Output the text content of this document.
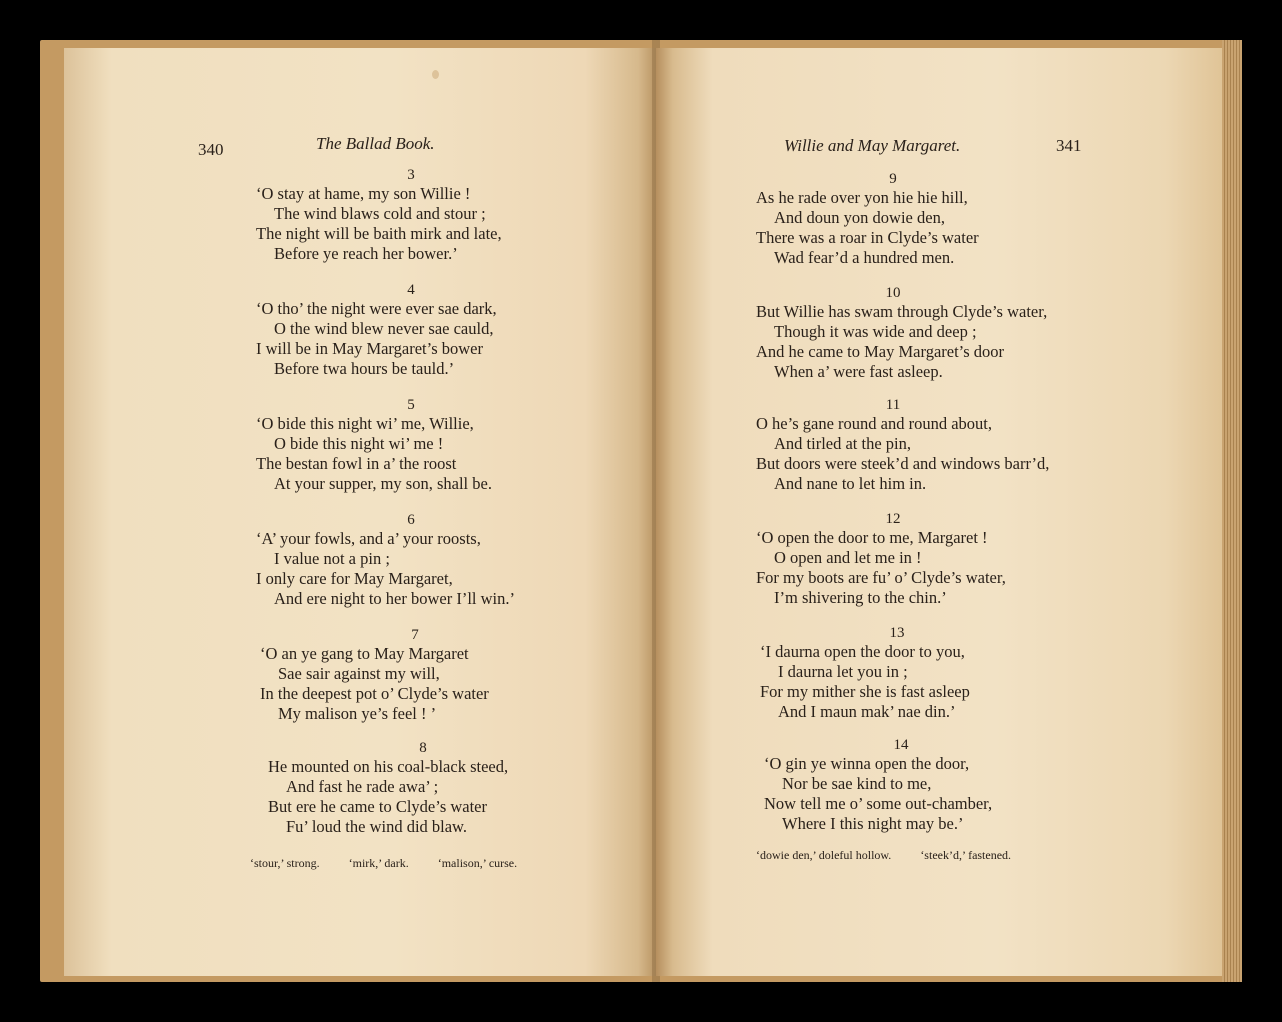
340	The Ballad Book.
3
‘O stay at hame, my son Willie !
The wind blaws cold and stour ;
The night will be baith mirk and late,
Before ye reach her bower.’
4
‘O tho’ the night were ever sae dark,
O the wind blew never sae cauld,
I will be in May Margaret’s bower
Before twa hours be tauld.’
5
‘O bide this night wi’ me, Willie,
O bide this night wi’ me !
The bestan fowl in a’ the roost
At your supper, my son, shall be.
6
‘A’ your fowls, and a’ your roosts,
I value not a pin ;
I only care for May Margaret,
And ere night to her bower I’ll win.’
7
‘O an ye gang to May Margaret
Sae sair against my will,
In the deepest pot o’ Clyde’s water
My malison ye’s feel ! ’
8
He mounted on his coal-black steed,
And fast he rade awa’ ;
But ere he came to Clyde’s water
Fu’ loud the wind did blaw.
‘stour,’ strong. ‘mirk,’ dark. ‘malison,’ curse.
Willie and May Margaret.	341
9
As he rade over yon hie hie hill,
And doun yon dowie den,
There was a roar in Clyde’s water
Wad fear’d a hundred men.
10
But Willie has swam through Clyde’s water,
Though it was wide and deep ;
And he came to May Margaret’s door
When a’ were fast asleep.
11
O he’s gane round and round about,
And tirled at the pin,
But doors were steek’d and windows barr’d,
And nane to let him in.
12
‘O open the door to me, Margaret !
O open and let me in !
For my boots are fu’ o’ Clyde’s water,
I’m shivering to the chin.’
13
‘I daurna open the door to you,
I daurna let you in ;
For my mither she is fast asleep
And I maun mak’ nae din.’
14
‘O gin ye winna open the door,
Nor be sae kind to me,
Now tell me o’ some out-chamber,
Where I this night may be.’
‘dowie den,’ doleful hollow. ‘steek’d,’ fastened.
